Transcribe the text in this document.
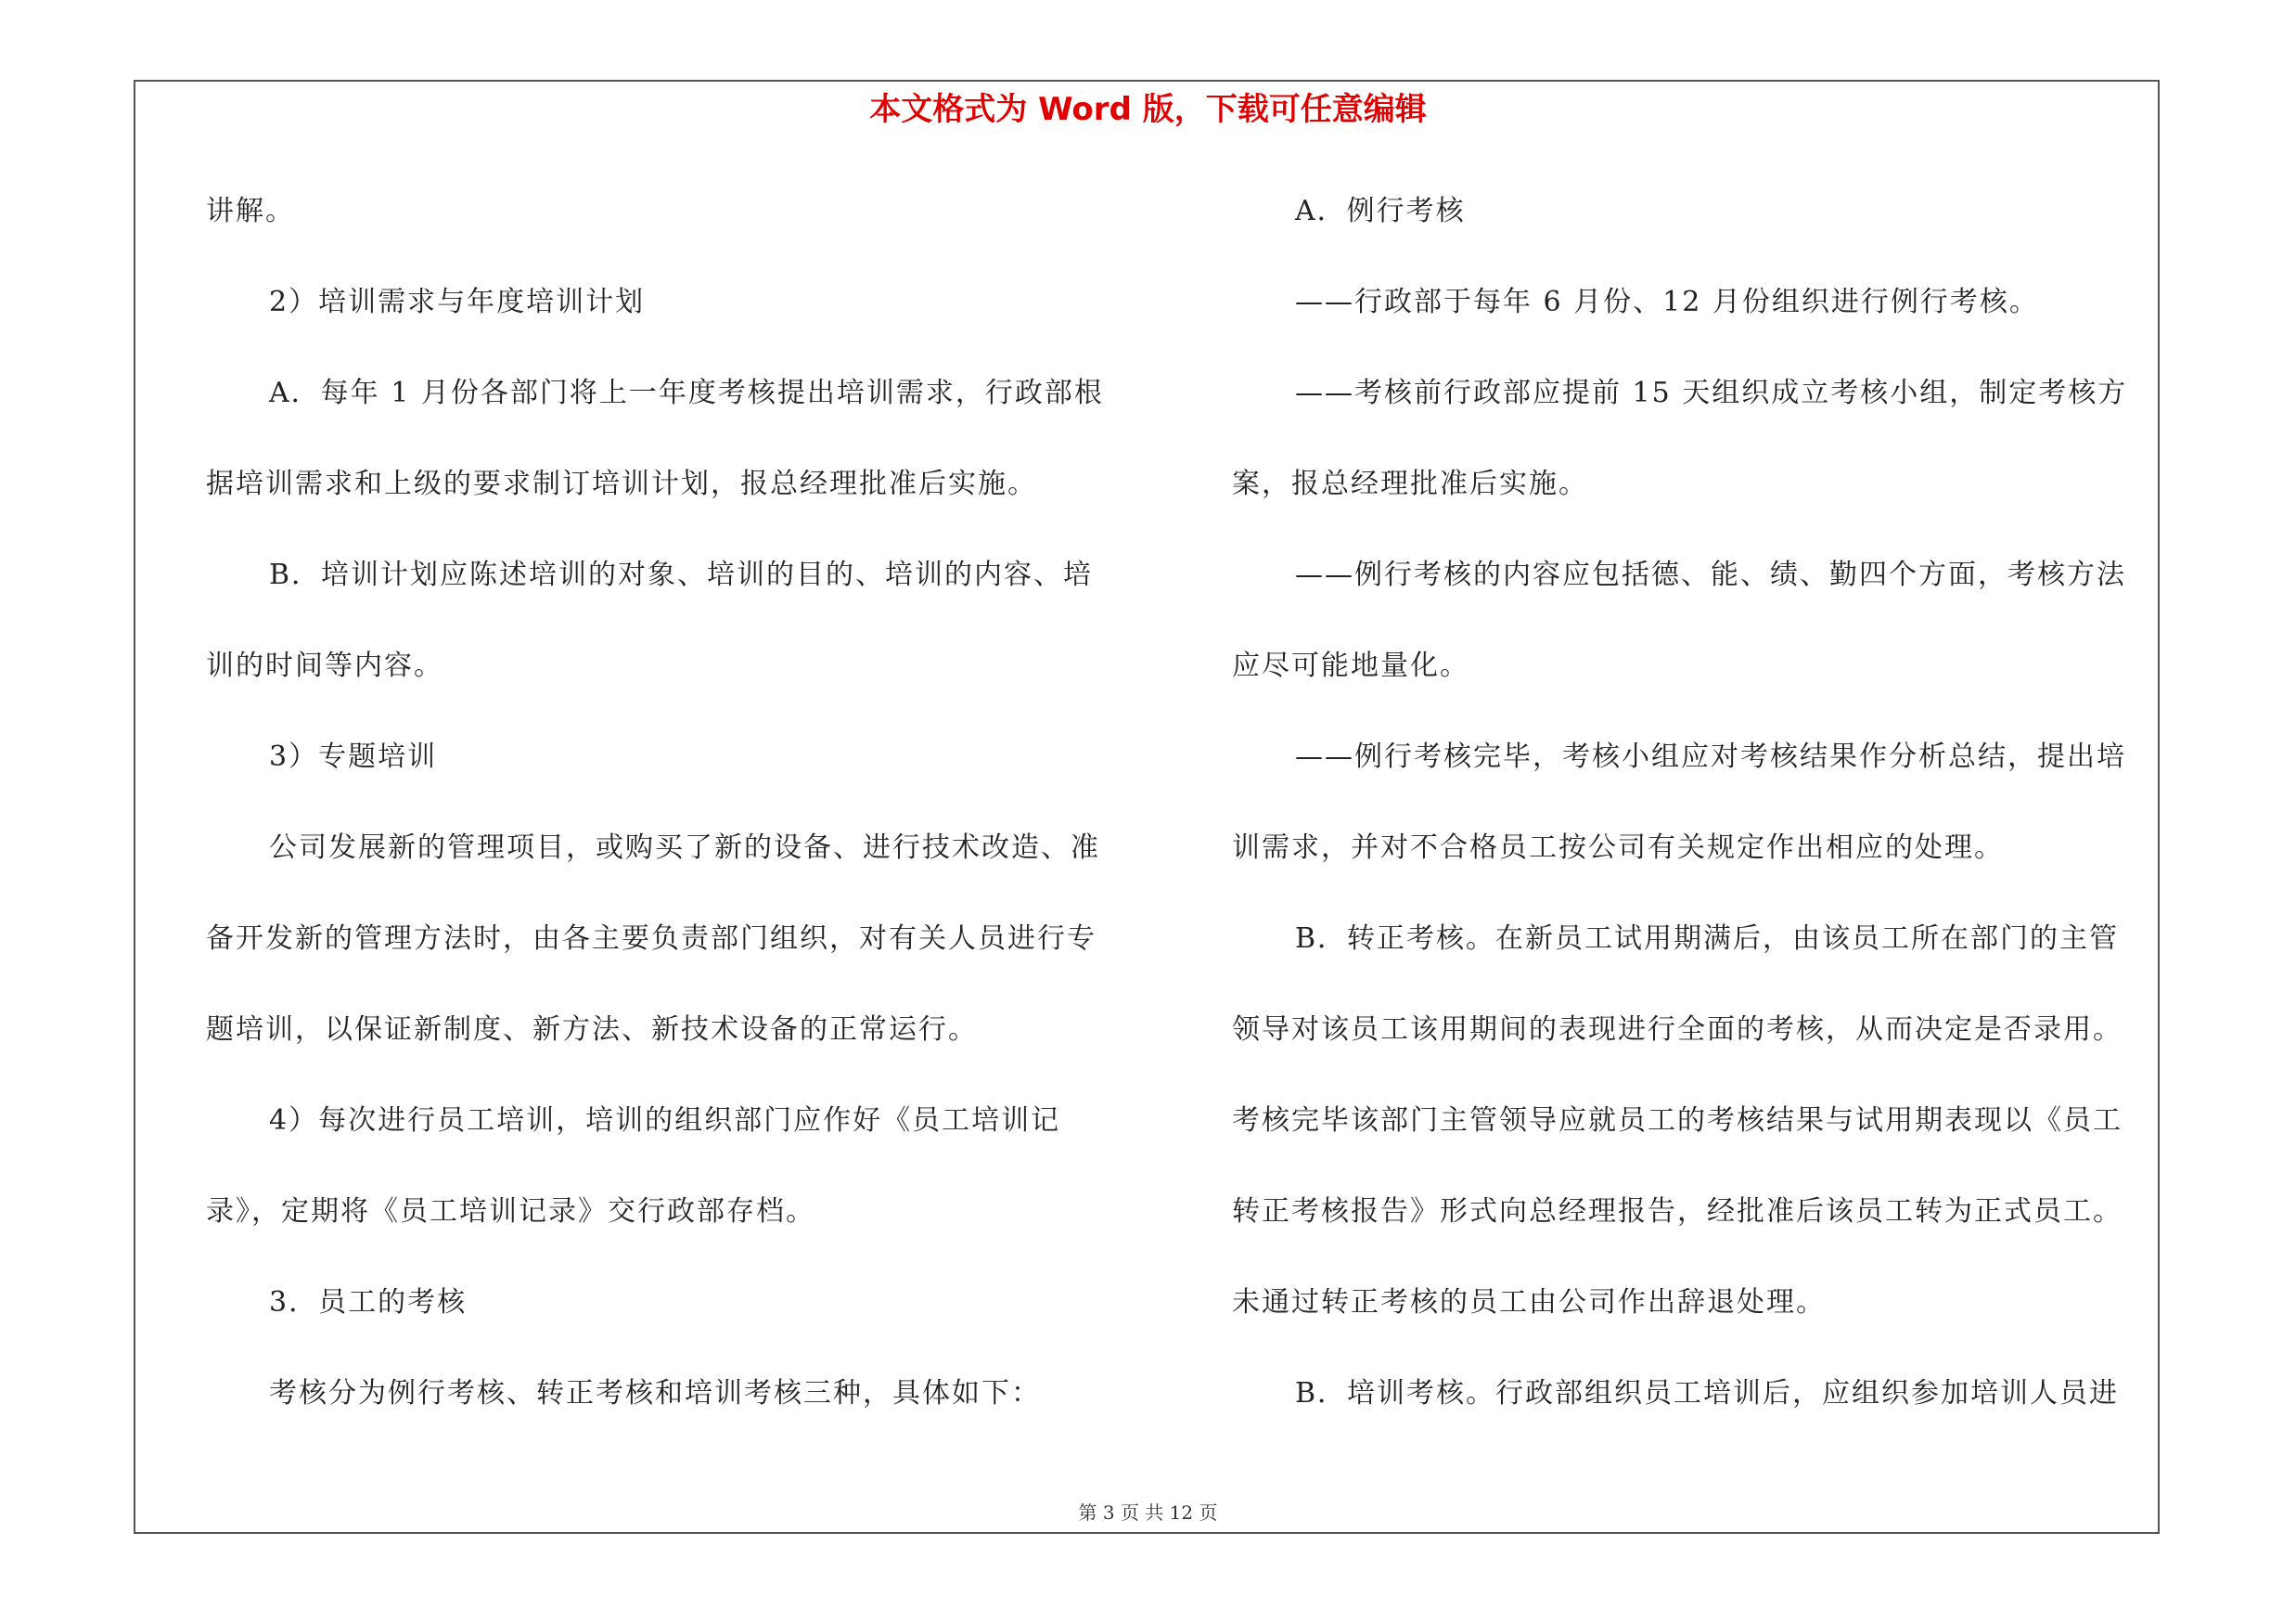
本文格式为 Word 版，下载可任意编辑
讲解。
2）培训需求与年度培训计划
A．每年 1 月份各部门将上一年度考核提出培训需求，行政部根
据培训需求和上级的要求制订培训计划，报总经理批准后实施。
B．培训计划应陈述培训的对象、培训的目的、培训的内容、培
训的时间等内容。
3）专题培训
公司发展新的管理项目，或购买了新的设备、进行技术改造、准
备开发新的管理方法时，由各主要负责部门组织，对有关人员进行专
题培训，以保证新制度、新方法、新技术设备的正常运行。
4）每次进行员工培训，培训的组织部门应作好《员工培训记
录》，定期将《员工培训记录》交行政部存档。
3．员工的考核
考核分为例行考核、转正考核和培训考核三种，具体如下：
A．例行考核
——行政部于每年 6 月份、12 月份组织进行例行考核。
——考核前行政部应提前 15 天组织成立考核小组，制定考核方
案，报总经理批准后实施。
——例行考核的内容应包括德、能、绩、勤四个方面，考核方法
应尽可能地量化。
——例行考核完毕，考核小组应对考核结果作分析总结，提出培
训需求，并对不合格员工按公司有关规定作出相应的处理。
B．转正考核。在新员工试用期满后，由该员工所在部门的主管
领导对该员工该用期间的表现进行全面的考核，从而决定是否录用。
考核完毕该部门主管领导应就员工的考核结果与试用期表现以《员工
转正考核报告》形式向总经理报告，经批准后该员工转为正式员工。
未通过转正考核的员工由公司作出辞退处理。
B．培训考核。行政部组织员工培训后，应组织参加培训人员进
第 3 页 共 12 页
